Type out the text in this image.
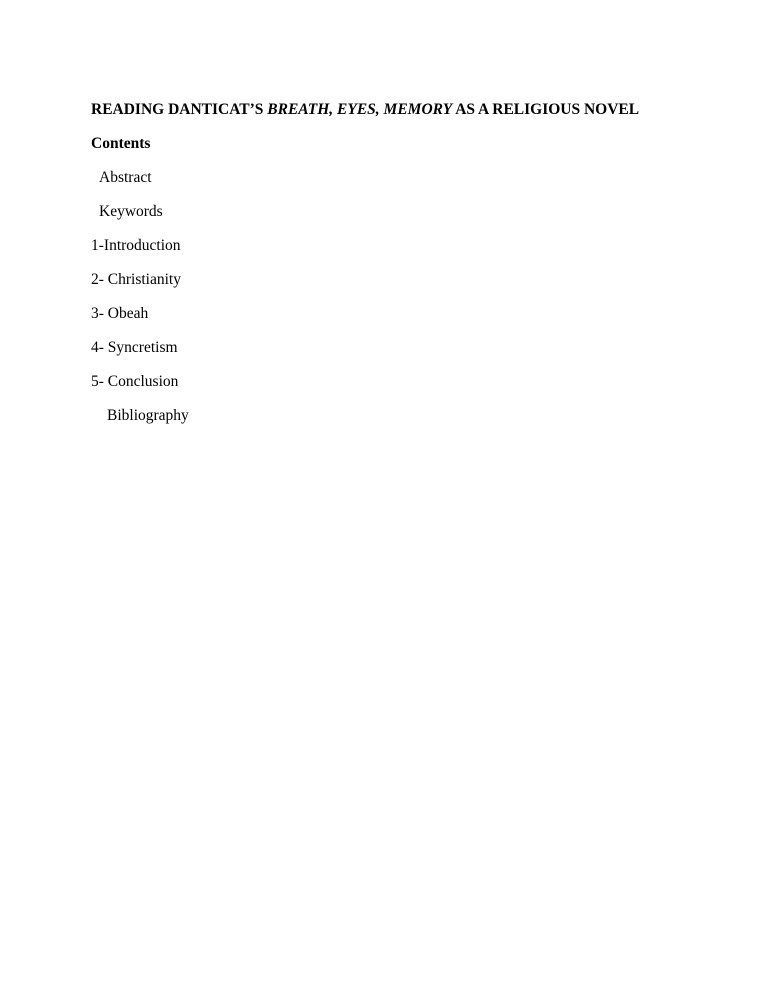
READING DANTICAT’S BREATH, EYES, MEMORY AS A RELIGIOUS NOVEL
Contents
Abstract
Keywords
1-Introduction
2- Christianity
3- Obeah
4- Syncretism
5- Conclusion
Bibliography
